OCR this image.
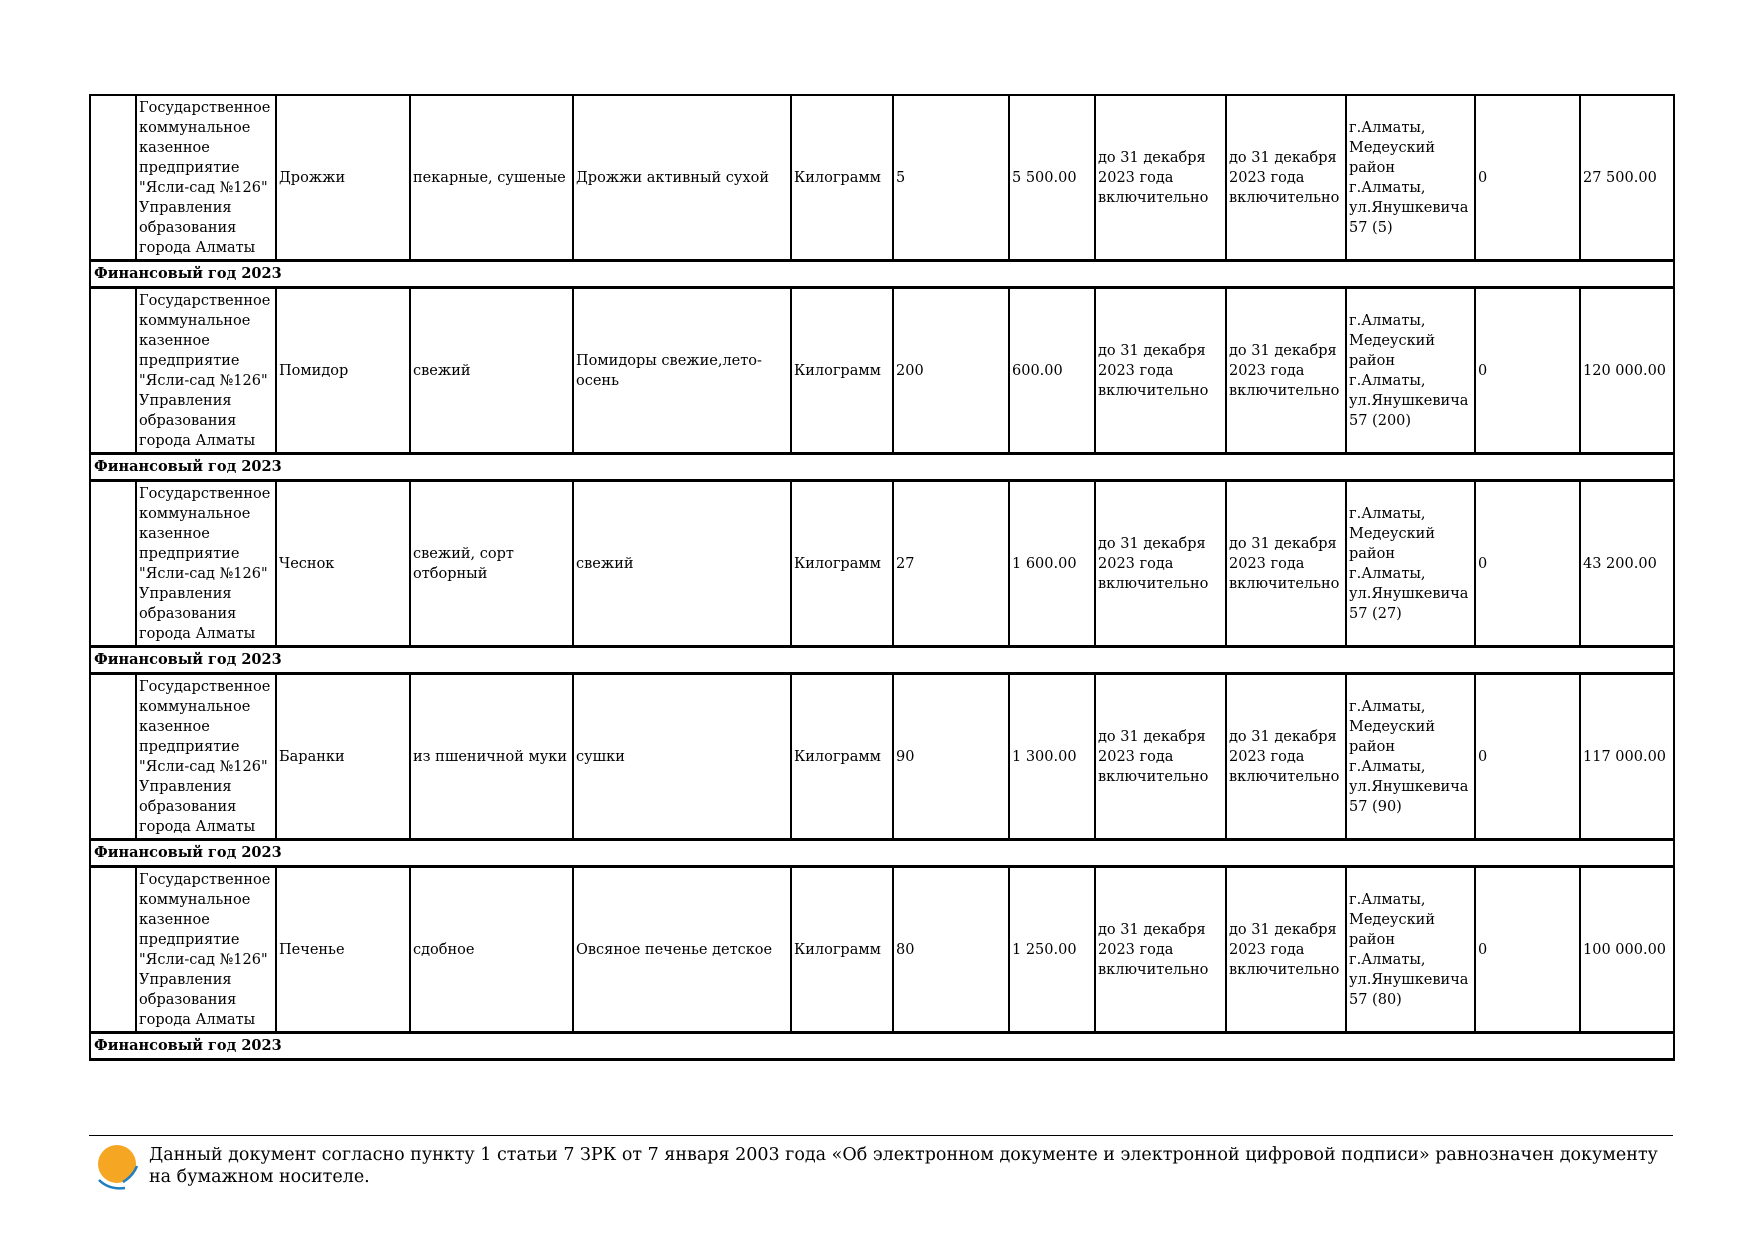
	Государственное коммунальное казенное предприятие "Ясли-сад №126" Управления образования города Алматы	Дрожжи	пекарные, сушеные	Дрожжи активный сухой	Килограмм	5	5 500.00	до 31 декабря 2023 года включительно	до 31 декабря 2023 года включительно	г.Алматы, Медеуский район г.Алматы, ул.Янушкевича 57 (5)	0	27 500.00
Финансовый год 2023												
	Государственное коммунальное казенное предприятие "Ясли-сад №126" Управления образования города Алматы	Помидор	свежий	Помидоры свежие,лето-осень	Килограмм	200	600.00	до 31 декабря 2023 года включительно	до 31 декабря 2023 года включительно	г.Алматы, Медеуский район г.Алматы, ул.Янушкевича 57 (200)	0	120 000.00
Финансовый год 2023												
	Государственное коммунальное казенное предприятие "Ясли-сад №126" Управления образования города Алматы	Чеснок	свежий, сорт отборный	свежий	Килограмм	27	1 600.00	до 31 декабря 2023 года включительно	до 31 декабря 2023 года включительно	г.Алматы, Медеуский район г.Алматы, ул.Янушкевича 57 (27)	0	43 200.00
Финансовый год 2023												
	Государственное коммунальное казенное предприятие "Ясли-сад №126" Управления образования города Алматы	Баранки	из пшеничной муки	сушки	Килограмм	90	1 300.00	до 31 декабря 2023 года включительно	до 31 декабря 2023 года включительно	г.Алматы, Медеуский район г.Алматы, ул.Янушкевича 57 (90)	0	117 000.00
Финансовый год 2023												
	Государственное коммунальное казенное предприятие "Ясли-сад №126" Управления образования города Алматы	Печенье	сдобное	Овсяное печенье детское	Килограмм	80	1 250.00	до 31 декабря 2023 года включительно	до 31 декабря 2023 года включительно	г.Алматы, Медеуский район г.Алматы, ул.Янушкевича 57 (80)	0	100 000.00
Финансовый год 2023												
Данный документ согласно пункту 1 статьи 7 ЗРК от 7 января 2003 года «Об электронном документе и электронной цифровой подписи» равнозначен документу на бумажном носителе.
